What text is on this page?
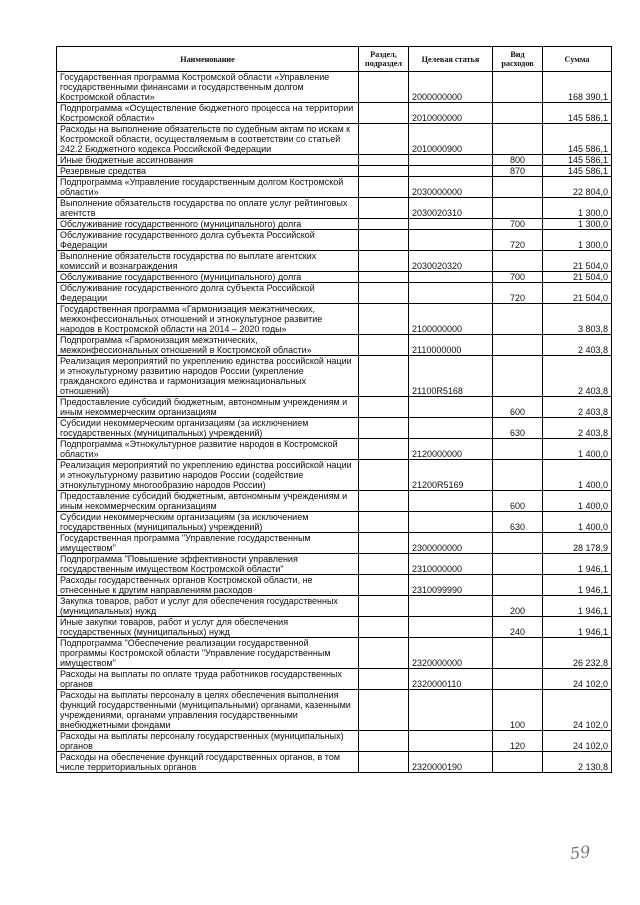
Наименование	Раздел, подраздел	Целевая статья	Вид расходов	Сумма
Государственная программа Костромской области «Управление государственными финансами и государственным долгом Костромской области»		2000000000		168 390,1
Подпрограмма «Осуществление бюджетного процесса на территории Костромской области»		2010000000		145 586,1
Расходы на выполнение обязательств по судебным актам по искам к Костромской области, осуществляемым в соответствии со статьей 242.2 Бюджетного кодекса Российской Федерации		2010000900		145 586,1
Иные бюджетные ассигнования			800	145 586,1
Резервные средства			870	145 586,1
Подпрограмма «Управление государственным долгом Костромской области»		2030000000		22 804,0
Выполнение обязательств государства по оплате услуг рейтинговых агентств		2030020310		1 300,0
Обслуживание государственного (муниципального) долга			700	1 300,0
Обслуживание государственного долга субъекта Российской Федерации			720	1 300,0
Выполнение обязательств государства по выплате агентских комиссий и вознаграждения		2030020320		21 504,0
Обслуживание государственного (муниципального) долга			700	21 504,0
Обслуживание государственного долга субъекта Российской Федерации			720	21 504,0
Государственная программа «Гармонизация межэтнических, межконфессиональных отношений и этнокультурное развитие народов в Костромской области на 2014 – 2020 годы»		2100000000		3 803,8
Подпрограмма «Гармонизация межэтнических, межконфессиональных отношений в Костромской области»		2110000000		2 403,8
Реализация мероприятий по укреплению единства российской нации и этнокультурному развитию народов России (укрепление гражданского единства и гармонизация межнациональных отношений)		21100R5168		2 403,8
Предоставление субсидий бюджетным, автономным учреждениям и иным некоммерческим организациям			600	2 403,8
Субсидии некоммерческим организациям (за исключением государственных (муниципальных) учреждений)			630	2 403,8
Подпрограмма «Этнокультурное развитие народов в Костромской области»		2120000000		1 400,0
Реализация мероприятий по укреплению единства российской нации и этнокультурному развитию народов России (содействие этнокультурному многообразию народов России)		21200R5169		1 400,0
Предоставление субсидий бюджетным, автономным учреждениям и иным некоммерческим организациям			600	1 400,0
Субсидии некоммерческим организациям (за исключением государственных (муниципальных) учреждений)			630	1 400,0
Государственная программа "Управление государственным имуществом"		2300000000		28 178,9
Подпрограмма "Повышение эффективности управления государственным имуществом Костромской области"		2310000000		1 946,1
Расходы государственных органов Костромской области, не отнесенные к другим направлениям расходов		2310099990		1 946,1
Закупка товаров, работ и услуг для обеспечения государственных (муниципальных) нужд			200	1 946,1
Иные закупки товаров, работ и услуг для обеспечения государственных (муниципальных) нужд			240	1 946,1
Подпрограмма "Обеспечение реализации государственной программы Костромской области "Управление государственным имуществом"		2320000000		26 232,8
Расходы на выплаты по оплате труда работников государственных органов		2320000110		24 102,0
Расходы на выплаты персоналу в целях обеспечения выполнения функций государственными (муниципальными) органами, казенными учреждениями, органами управления государственными внебюджетными фондами			100	24 102,0
Расходы на выплаты персоналу государственных (муниципальных) органов			120	24 102,0
Расходы на обеспечение функций государственных органов, в том числе территориальных органов		2320000190		2 130,8
59
